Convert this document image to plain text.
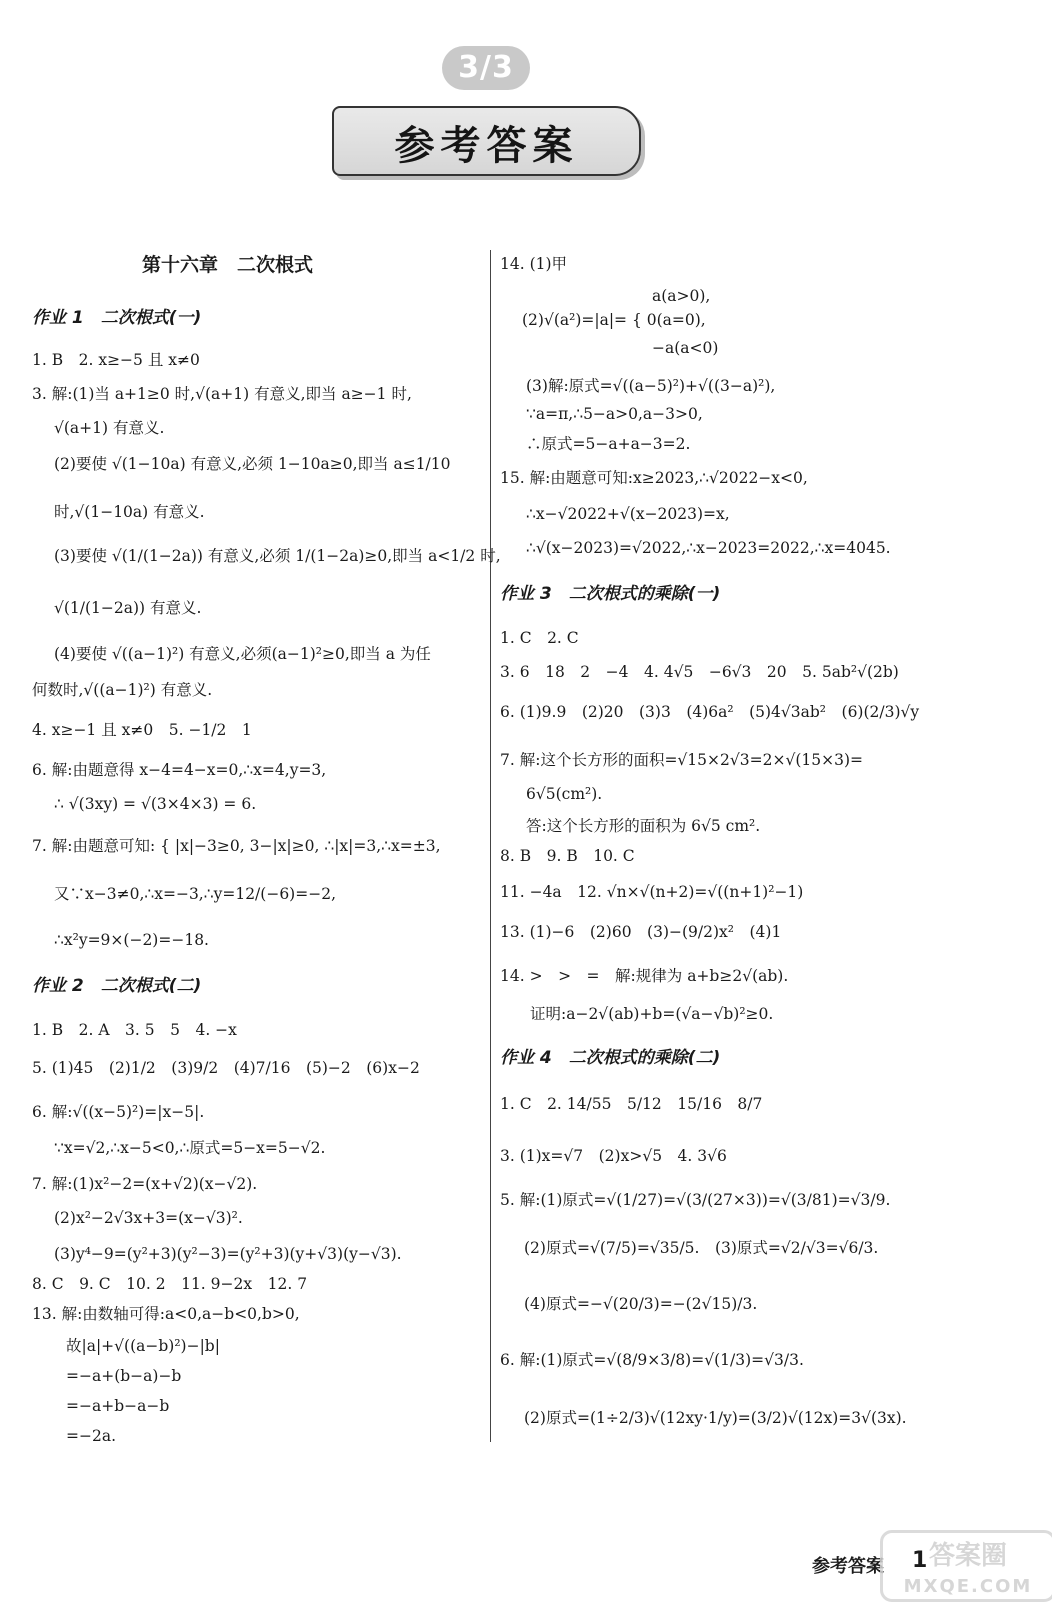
3/3
参考答案
第十六章　二次根式
作业 1　二次根式(一)
1. B　2. x≥−5 且 x≠0
3. 解:(1)当 a+1≥0 时,√(a+1) 有意义,即当 a≥−1 时,
√(a+1) 有意义.
(2)要使 √(1−10a) 有意义,必须 1−10a≥0,即当 a≤1/10
时,√(1−10a) 有意义.
(3)要使 √(1/(1−2a)) 有意义,必须 1/(1−2a)≥0,即当 a<1/2 时,
√(1/(1−2a)) 有意义.
(4)要使 √((a−1)²) 有意义,必须(a−1)²≥0,即当 a 为任
何数时,√((a−1)²) 有意义.
4. x≥−1 且 x≠0　5. −1/2　1
6. 解:由题意得 x−4=4−x=0,∴x=4,y=3,
∴ √(3xy) = √(3×4×3) = 6.
7. 解:由题意可知: { |x|−3≥0, 3−|x|≥0, ∴|x|=3,∴x=±3,
又∵x−3≠0,∴x=−3,∴y=12/(−6)=−2,
∴x²y=9×(−2)=−18.
作业 2　二次根式(二)
1. B　2. A　3. 5　5　4. −x
5. (1)45　(2)1/2　(3)9/2　(4)7/16　(5)−2　(6)x−2
6. 解:√((x−5)²)=|x−5|.
∵x=√2,∴x−5<0,∴原式=5−x=5−√2.
7. 解:(1)x²−2=(x+√2)(x−√2).
(2)x²−2√3x+3=(x−√3)².
(3)y⁴−9=(y²+3)(y²−3)=(y²+3)(y+√3)(y−√3).
8. C　9. C　10. 2　11. 9−2x　12. 7
13. 解:由数轴可得:a<0,a−b<0,b>0,
故|a|+√((a−b)²)−|b|
=−a+(b−a)−b
=−a+b−a−b
=−2a.
14. (1)甲
a(a>0),
(2)√(a²)=|a|= { 0(a=0),
−a(a<0)
(3)解:原式=√((a−5)²)+√((3−a)²),
∵a=π,∴5−a>0,a−3>0,
∴原式=5−a+a−3=2.
15. 解:由题意可知:x≥2023,∴√2022−x<0,
∴x−√2022+√(x−2023)=x,
∴√(x−2023)=√2022,∴x−2023=2022,∴x=4045.
作业 3　二次根式的乘除(一)
1. C　2. C
3. 6　18　2　−4　4. 4√5　−6√3　20　5. 5ab²√(2b)
6. (1)9.9　(2)20　(3)3　(4)6a²　(5)4√3ab²　(6)(2/3)√y
7. 解:这个长方形的面积=√15×2√3=2×√(15×3)=
6√5(cm²).
答:这个长方形的面积为 6√5 cm².
8. B　9. B　10. C
11. −4a　12. √n×√(n+2)=√((n+1)²−1)
13. (1)−6　(2)60　(3)−(9/2)x²　(4)1
14. >　>　=　解:规律为 a+b≥2√(ab).
证明:a−2√(ab)+b=(√a−√b)²≥0.
作业 4　二次根式的乘除(二)
1. C　2. 14/55　5/12　15/16　8/7
3. (1)x=√7　(2)x>√5　4. 3√6
5. 解:(1)原式=√(1/27)=√(3/(27×3))=√(3/81)=√3/9.
(2)原式=√(7/5)=√35/5.　(3)原式=√2/√3=√6/3.
(4)原式=−√(20/3)=−(2√15)/3.
6. 解:(1)原式=√(8/9×3/8)=√(1/3)=√3/3.
(2)原式=(1÷2/3)√(12xy·1/y)=(3/2)√(12x)=3√(3x).
参考答案 1 答案圈
MXQE.COM
